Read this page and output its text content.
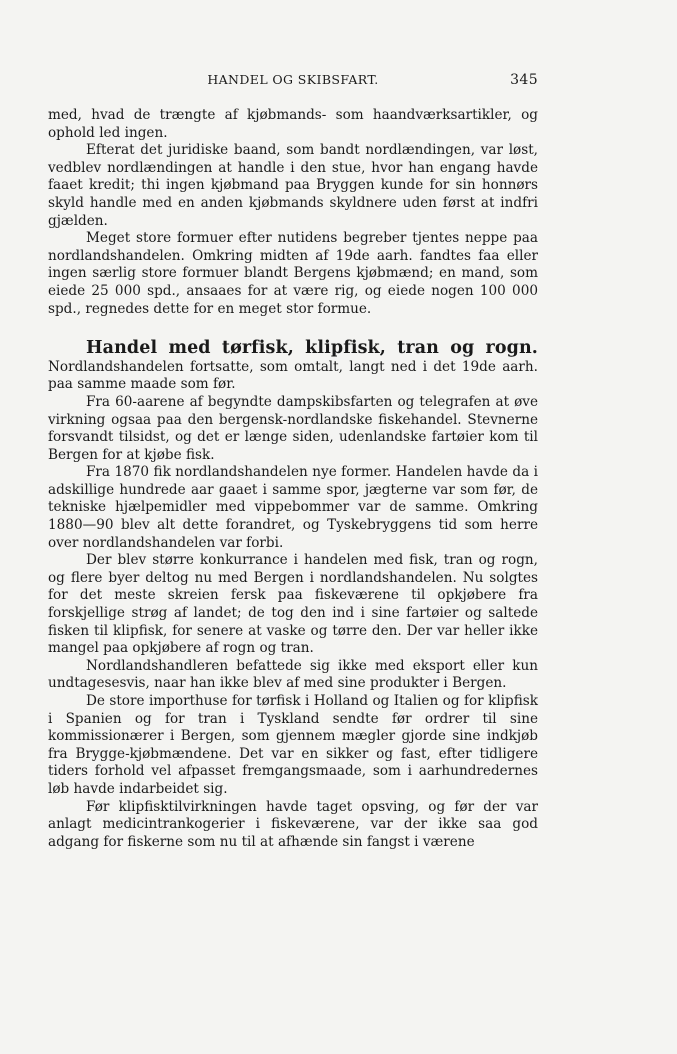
HANDEL OG SKIBSFART.	345

med, hvad de trængte af kjøbmands- som haandværksartikler, og ophold led ingen.

Efterat det juridiske baand, som bandt nordlændingen, var løst, vedblev nordlændingen at handle i den stue, hvor han engang havde faaet kredit; thi ingen kjøbmand paa Bryggen kunde for sin honnørs skyld handle med en anden kjøbmands skyldnere uden først at indfri gjælden.

Meget store formuer efter nutidens begreber tjentes neppe paa nordlandshandelen. Omkring midten af 19de aarh. fandtes faa eller ingen særlig store formuer blandt Bergens kjøbmænd; en mand, som eiede 25 000 spd., ansaaes for at være rig, og eiede nogen 100 000 spd., regnedes dette for en meget stor formue.

Handel med tørfisk, klipfisk, tran og rogn. Nordlandshandelen fortsatte, som omtalt, langt ned i det 19de aarh. paa samme maade som før.

Fra 60-aarene af begyndte dampskibsfarten og telegrafen at øve virkning ogsaa paa den bergensk-nordlandske fiskehandel. Stevnerne forsvandt tilsidst, og det er længe siden, udenlandske fartøier kom til Bergen for at kjøbe fisk.

Fra 1870 fik nordlandshandelen nye former. Handelen havde da i adskillige hundrede aar gaaet i samme spor, jægterne var som før, de tekniske hjælpemidler med vippebommer var de samme. Omkring 1880—90 blev alt dette forandret, og Tyskebryggens tid som herre over nordlandshandelen var forbi.

Der blev større konkurrance i handelen med fisk, tran og rogn, og flere byer deltog nu med Bergen i nordlandshandelen. Nu solgtes for det meste skreien fersk paa fiskeværene til opkjøbere fra forskjellige strøg af landet; de tog den ind i sine fartøier og saltede fisken til klipfisk, for senere at vaske og tørre den. Der var heller ikke mangel paa opkjøbere af rogn og tran.

Nordlandshandleren befattede sig ikke med eksport eller kun undtagesesvis, naar han ikke blev af med sine produkter i Bergen.

De store importhuse for tørfisk i Holland og Italien og for klipfisk i Spanien og for tran i Tyskland sendte før ordrer til sine kommissionærer i Bergen, som gjennem mægler gjorde sine indkjøb fra Brygge-kjøbmændene. Det var en sikker og fast, efter tidligere tiders forhold vel afpasset fremgangsmaade, som i aarhundredernes løb havde indarbeidet sig.

Før klipfisktilvirkningen havde taget opsving, og før der var anlagt medicintrankogerier i fiskeværene, var der ikke saa god adgang for fiskerne som nu til at afhænde sin fangst i værene
